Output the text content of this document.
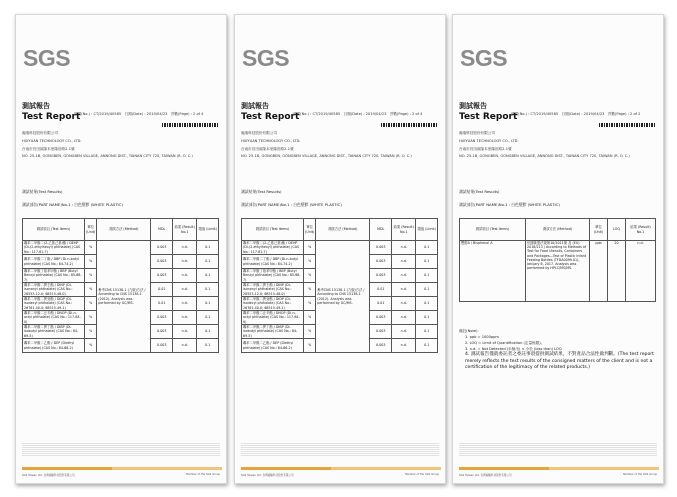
SGS
測試報告
Test Report
號碼(No.) : CT/2019/40585 日期(Date) : 2019/04/23 頁數(Page) : 2 of 4
瀚瑞科技股份有限公司
HUIYUAN TECHNOLOGY CO., LTD.
台南市官田區隆本里隆田路2-1號
NO. 25-1B, GONGBEN, GONGBEN VILLAGE, ANNONG DIST., TAINAN CITY 720, TAIWAN (R. O. C.)
測試結果(Test Results)
測試部位(PART NAME)No.1 : 白色塑膠 (WHITE PLASTIC)
測試項目 (Test Items)	單位 (Unit)	測試方法 (Method)	MDL	結果 (Result) No.1	限值 (Limit)
鄰苯二甲酸二(2-乙基己基)酯 / DEHP (Di-(2-ethylhexyl) phthalate) (CAS No.: 117-81-7)	%	參考CNS 15138-1 (九版)方法 / According to CNS 15138-1 (2012). Analysis was performed by GC/MS.	0.003	n.d.	0.1
鄰苯二甲酸二丁酯 / DBP (Di-n-butyl phthalate) (CAS No.: 84-74-2)	%		0.003	n.d.	0.1
鄰苯二甲酸丁基苯甲酯 / BBP (Butyl Benzyl phthalate) (CAS No.: 85-68-7)	%		0.003	n.d.	0.1
鄰苯二甲酸二異壬酯 / DINP (Di-isononyl phthalate) (CAS No.: 28553-12-0; 68515-48-0)	%		0.01	n.d.	0.1
鄰苯二甲酸二異癸酯 / DIDP (Di-isodecyl phthalate) (CAS No.: 26761-40-0; 68515-49-1)	%		0.01	n.d.	0.1
鄰苯二甲酸二正辛酯 / DNOP (Di-n-octyl phthalate) (CAS No.: 117-84-0)	%		0.003	n.d.	0.1
鄰苯二甲酸二異丁酯 / DIBP (Di-isobutyl phthalate) (CAS No.: 84-69-5)	%		0.003	n.d.	0.1
鄰苯二甲酸二乙酯 / DEP (Diethyl phthalate) (CAS No.: 84-66-2)	%		0.003	n.d.	0.1
SGS Taiwan Ltd. 台灣檢驗科技股份有限公司	Member of the SGS Group
SGS
測試報告
Test Report
號碼(No.) : CT/2019/40585 日期(Date) : 2019/04/23 頁數(Page) : 2 of 4
瀚瑞科技股份有限公司
HUIYUAN TECHNOLOGY CO., LTD.
台南市官田區隆本里隆田路2-1號
NO. 25-1B, GONGBEN, GONGBEN VILLAGE, ANNONG DIST., TAINAN CITY 720, TAIWAN (R. O. C.)
測試結果(Test Results)
測試部位(PART NAME)No.1 : 白色塑膠 (WHITE PLASTIC)
測試項目 (Test Items)	單位 (Unit)	測試方法 (Method)	MDL	結果 (Result) No.1	限值 (Limit)
鄰苯二甲酸二(2-乙基己基)酯 / DEHP (Di-(2-ethylhexyl) phthalate) (CAS No.: 117-81-7)	%	參考CNS 15138-1 (九版)方法 / According to CNS 15138-1 (2012). Analysis was performed by GC/MS.	0.003	n.d.	0.1
鄰苯二甲酸二丁酯 / DBP (Di-n-butyl phthalate) (CAS No.: 84-74-2)	%		0.003	n.d.	0.1
鄰苯二甲酸丁基苯甲酯 / BBP (Butyl Benzyl phthalate) (CAS No.: 85-68-7)	%		0.003	n.d.	0.1
鄰苯二甲酸二異壬酯 / DINP (Di-isononyl phthalate) (CAS No.: 28553-12-0; 68515-48-0)	%		0.01	n.d.	0.1
鄰苯二甲酸二異癸酯 / DIDP (Di-isodecyl phthalate) (CAS No.: 26761-40-0; 68515-49-1)	%		0.01	n.d.	0.1
鄰苯二甲酸二正辛酯 / DNOP (Di-n-octyl phthalate) (CAS No.: 117-84-0)	%		0.003	n.d.	0.1
鄰苯二甲酸二異丁酯 / DIBP (Di-isobutyl phthalate) (CAS No.: 84-69-5)	%		0.003	n.d.	0.1
鄰苯二甲酸二乙酯 / DEP (Diethyl phthalate) (CAS No.: 84-66-2)	%		0.003	n.d.	0.1
SGS Taiwan Ltd. 台灣檢驗科技股份有限公司	Member of the SGS Group
SGS
測試報告
Test Report
號碼(No.) : CT/2019/40585 日期(Date) : 2019/04/23 頁數(Page) : 2 of 2
瀚瑞科技股份有限公司
HUIYUAN TECHNOLOGY CO., LTD.
台南市官田區隆本里隆田路2-1號
NO. 25-1B, GONGBEN, GONGBEN VILLAGE, ANNONG DIST., TAINAN CITY 720, TAIWAN (R. O. C.)
測試結果(Test Results)
測試部位(PART NAME)No.1 : 白色塑膠 (WHITE PLASTIC)
測試項目 (Test Items)	測試方法 (Method)	單位 (Unit)	LOQ	結果 (Result) No.1
雙酚A / Bisphenol A	依據歐盟法規第10/2011號 及 (EU) 2018/213 / According to Methods of Test for Food Utensils, Containers and Packages—Test of Plastic Infant Feeding Bottles (TFDA0099.01), January 8, 2017. Analysis was performed by HPLC/MS/MS.	ppb	20	n.d.
備註(Note)：
1. ppb = 1000ppm
2. LOQ = Limit of Quantification (定量極限)。
3. n.d. = Not Detected (未檢出) < 小於 (less than) LOQ
4. 測試報告僅就委託者之委託事項提供測試結果，不對產品合法性做判斷。(The test report merely reflects the test results of the consigned matters of the client and is not a certification of the legitimacy of the related products.)
SGS Taiwan Ltd. 台灣檢驗科技股份有限公司	Member of the SGS Group
